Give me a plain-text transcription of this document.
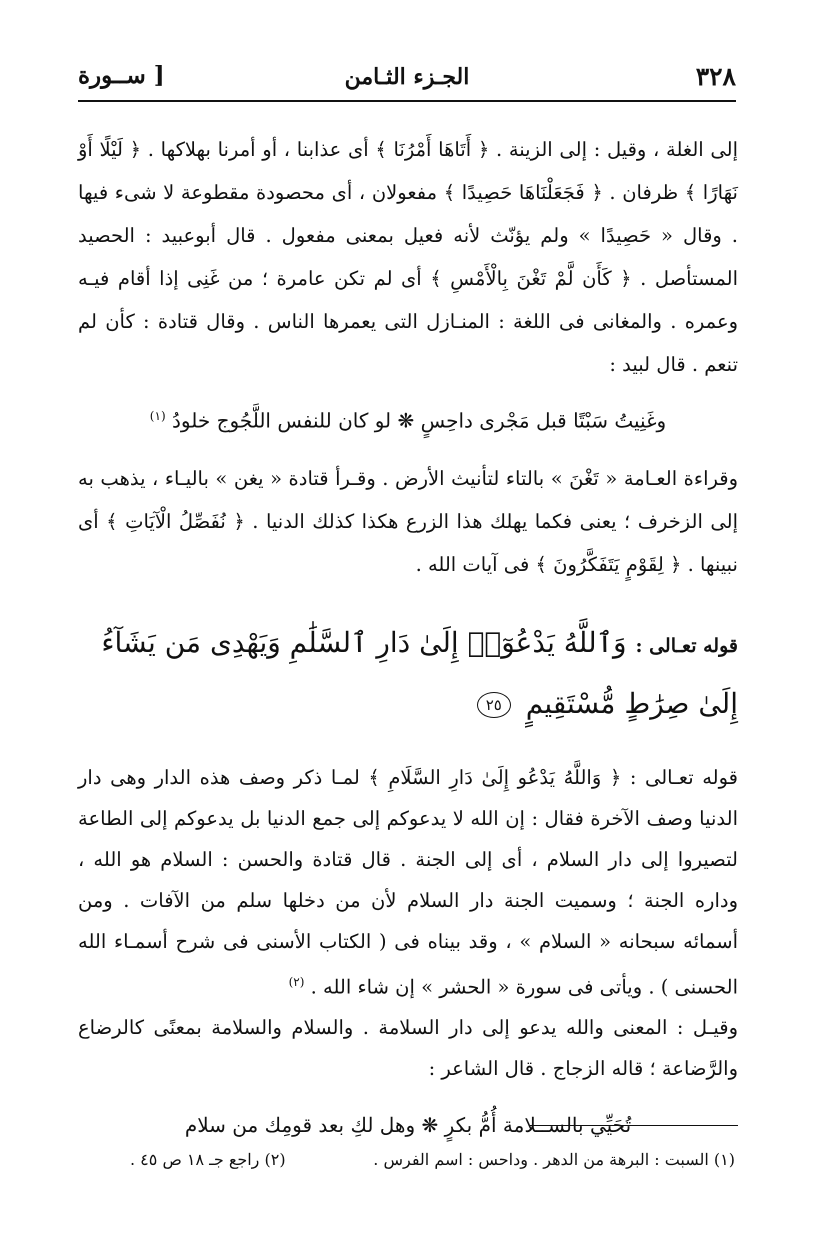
٣٢٨
الجـزء الثـامن
[ ســورة

إلى الغلة ، وقيل : إلى الزينة . ﴿ أَتَاهَا أَمْرُنَا ﴾ أى عذابنا ، أو أمرنا بهلاكها . ﴿ لَيْلًا أَوْ نَهَارًا ﴾ ظرفان . ﴿ فَجَعَلْنَاهَا حَصِيدًا ﴾ مفعولان ، أى محصودة مقطوعة لا شىء فيها . وقال « حَصِيدًا » ولم يؤنّث لأنه فعيل بمعنى مفعول . قال أبوعبيد : الحصيد المستأصل . ﴿ كَأَن لَّمْ تَغْنَ بِالْأَمْسِ ﴾ أى لم تكن عامرة ؛ من غَنِى إذا أقام فيـه وعمره . والمغانى فى اللغة : المنـازل التى يعمرها الناس . وقال قتادة : كأن لم تنعم . قال لبيد :

وغَنِيتُ سَبْتًا قبل مَجْرى داحِسٍ ❋ لو كان للنفس اللَّجُوج خلودُ $^{(١)}$

وقراءة العـامة « تَغْنَ » بالتاء لتأنيث الأرض . وقـرأ قتادة « يغن » باليـاء ، يذهب به إلى الزخرف ؛ يعنى فكما يهلك هذا الزرع هكذا كذلك الدنيا . ﴿ نُفَصِّلُ الْآيَاتِ ﴾ أى نبينها . ﴿ لِقَوْمٍ يَتَفَكَّرُونَ ﴾ فى آيات الله .

قوله تعـالى : وَٱللَّهُ يَدْعُوٓا۟ إِلَىٰ دَارِ ٱلسَّلَٰمِ وَيَهْدِى مَن يَشَآءُ إِلَىٰ صِرَٰطٍ مُّسْتَقِيمٍ ٢٥

قوله تعـالى : ﴿ وَاللَّهُ يَدْعُو إِلَىٰ دَارِ السَّلَامِ ﴾ لمـا ذكر وصف هذه الدار وهى دار الدنيا وصف الآخرة فقال : إن الله لا يدعوكم إلى جمع الدنيا بل يدعوكم إلى الطاعة لتصيروا إلى دار السلام ، أى إلى الجنة . قال قتادة والحسن : السلام هو الله ، وداره الجنة ؛ وسميت الجنة دار السلام لأن من دخلها سلم من الآفات . ومن أسمائه سبحانه « السلام » ، وقد بيناه فى ( الكتاب الأسنى فى شرح أسمـاء الله الحسنى ) . ويأتى فى سورة « الحشر » إن شاء الله . $^{(٢)}$

وقيـل : المعنى والله يدعو إلى دار السلامة . والسلام والسلامة بمعنًى كالرضاع والرَّضاعة ؛ قاله الزجاج . قال الشاعر :

تُحَيِّي بالســلامة أُمُّ بكرٍ ❋ وهل لكِ بعد قومِك من سلام
(١) السبت : البرهة من الدهر . وداحس : اسم الفرس .
(٢) راجع جـ ١٨ ص ٤٥ .
